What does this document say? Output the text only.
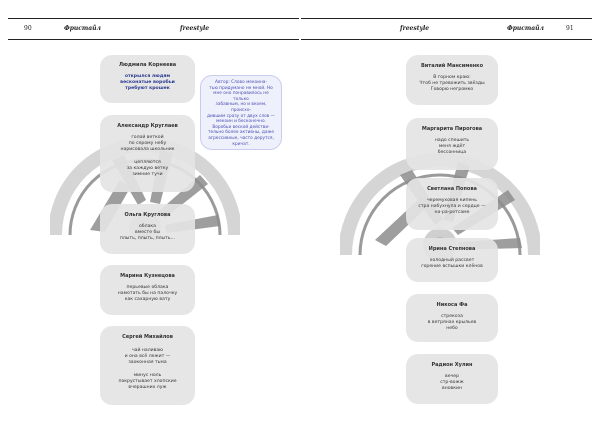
90	Фристайл	freestyle
Автор: Слово мекоина-
тью придумано не мной. Но
мне оно понравилось не только
забавным, но и вкоем, происхо-
дившим сразу от двух слов —
мекоин и бесконечно.
Воробьи веской действи-
тельно более активны, даже
агрессивные, часто дерутся,
кричат.
Людмила Корнеева
открылся людям
весконатые воробьи
требуют крошек
Александр Круглаев
голой веткой
по серому небу
нарисовала школьник

цепляются
за каждую ветку
зимние тучи
Ольга Круглова
облака
вместе бы
плыть, плыть, плыть…
Марина Кузнецова
перьевые облака
намотать бы на палочку
как сахарную вату
Сергей Михайлов
чай наливаю
и она всё лежит —
заоконная тьма

минус ноль
покрустывает хлопские
вчерашних луж
freestyle	Фристайл	91
Виталий Мансименко
В горном краю:
Чтоб не тревожить звёзды
Говорю негромко
Маргарита Пирогова
надо спешить
меня ждёт
бессонница
Светлана Попова
черемуховая кипень
стра набухнула и сердце —
на-ра-ретсаме
Ирина Степнова
холодный рассвет
горение вспышки клёнов
Никоса Фа
стрекоза
в ветрянах крыльев
небо
Радион Хулин
вечер
стр-вожж
вновкин
